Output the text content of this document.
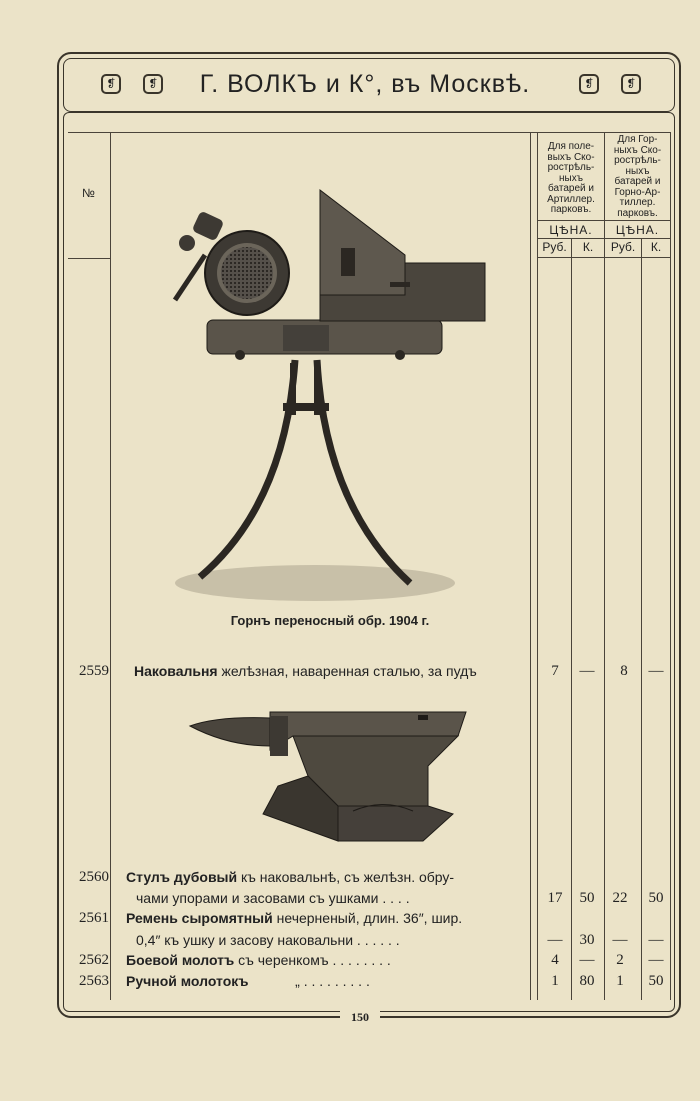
❡	❡	❡	❡
Г. ВОЛКЪ и К°, въ Москвѣ.
№
Для поле-
выхъ Ско-
рострѣль-
ныхъ
батарей и
Артиллер.
парковъ.
Для Гор-
ныхъ Ско-
рострѣль-
ныхъ
батарей и
Горно-Ар-
тиллер.
парковъ.
ЦѢНА.	ЦѢНА.
Руб.	К.	Руб.	К.
Горнъ переносный обр. 1904 г.
2559 Наковальня желѣзная, наваренная сталью, за пудъ	7	—	8	—
2560 Стулъ дубовый къ наковальнѣ, съ желѣзн. обру-
чами упорами и засовами съ ушками . . . .	17	50	22	50
2561 Ремень сыромятный нечерненый, длин. 36″, шир.
0,4″ къ ушку и засову наковальни . . . . . .	—	30	—	—
2562 Боевой молотъ съ черенкомъ . . . . . . . .	4	—	2	—
2563 Ручной молотокъ            „ . . . . . . . . .	1	80	1	50
150
